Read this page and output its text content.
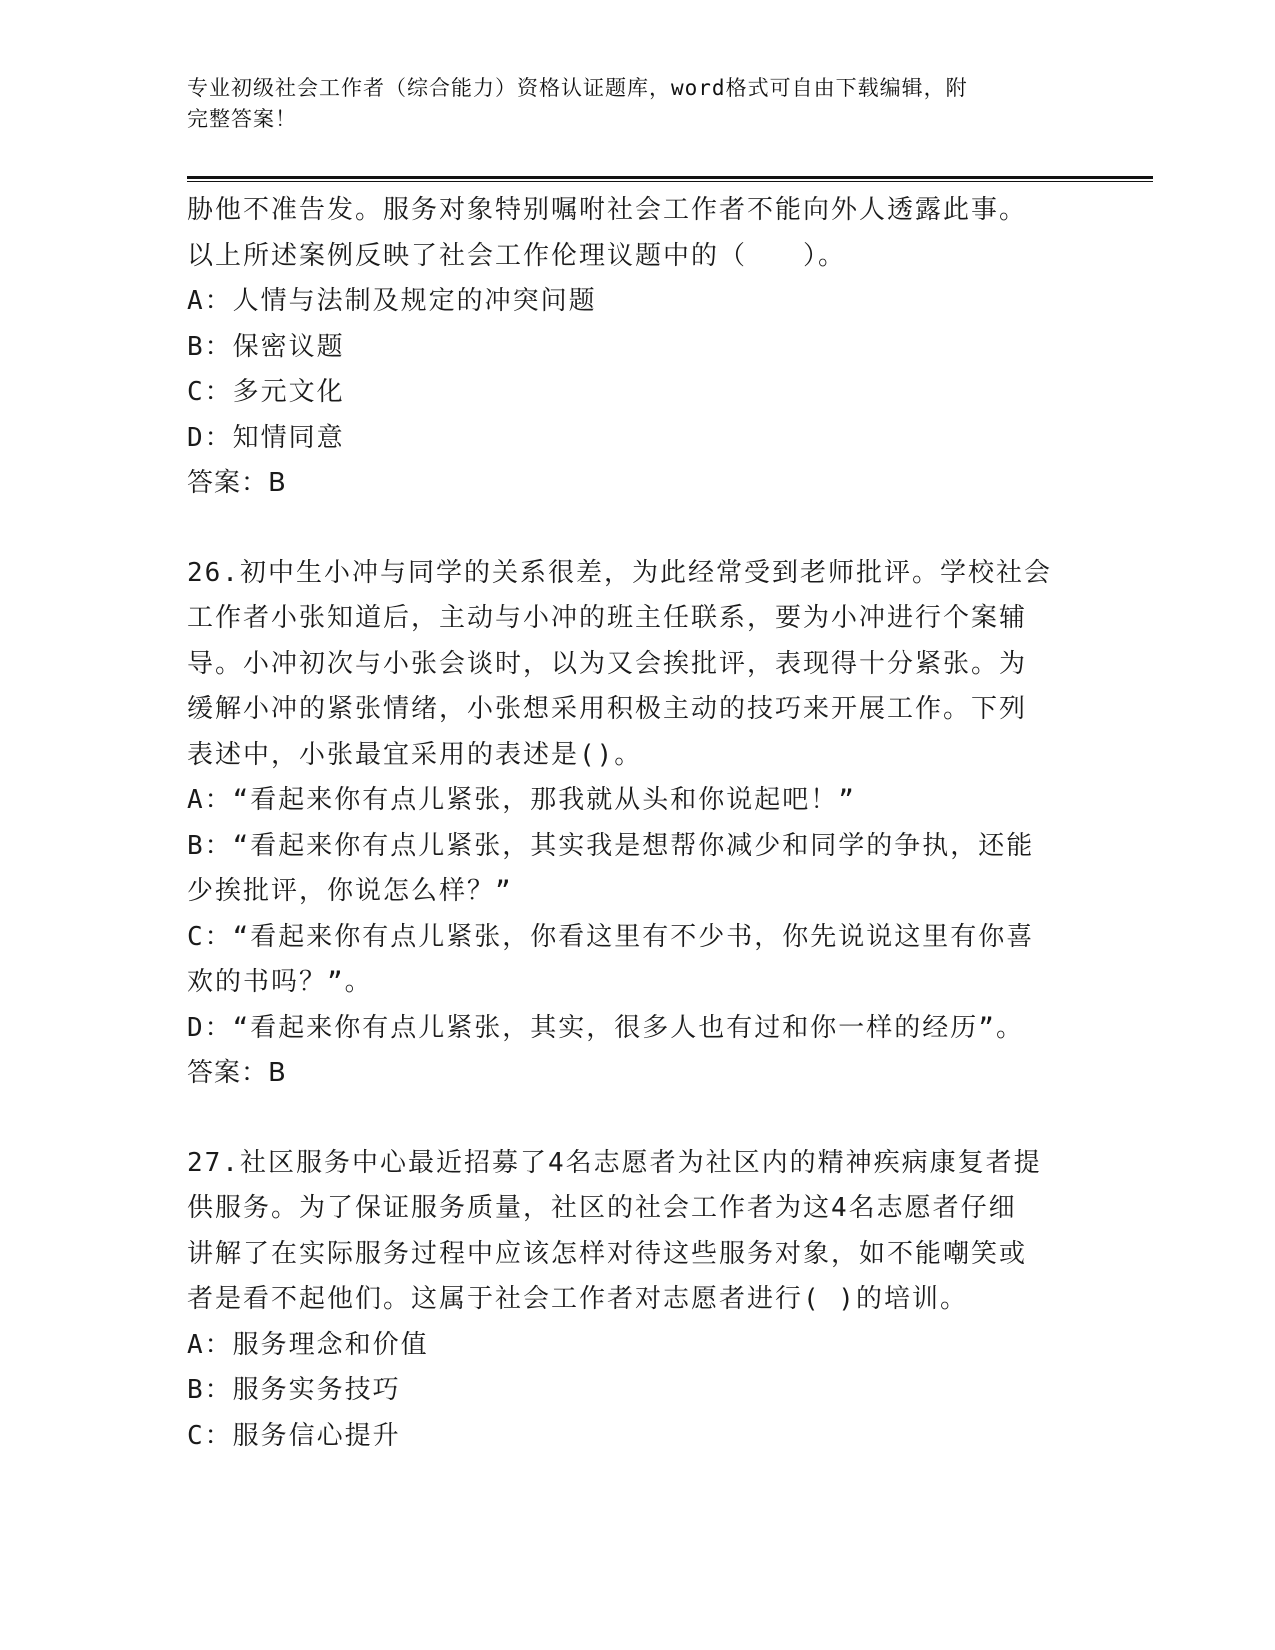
专业初级社会工作者（综合能力）资格认证题库，word格式可自由下载编辑，附
完整答案！

胁他不准告发。服务对象特别嘱咐社会工作者不能向外人透露此事。

以上所述案例反映了社会工作伦理议题中的（　　）。

A：人情与法制及规定的冲突问题

B：保密议题

C：多元文化

D：知情同意

答案：B

26.初中生小冲与同学的关系很差，为此经常受到老师批评。学校社会

工作者小张知道后，主动与小冲的班主任联系，要为小冲进行个案辅

导。小冲初次与小张会谈时，以为又会挨批评，表现得十分紧张。为

缓解小冲的紧张情绪，小张想采用积极主动的技巧来开展工作。下列

表述中，小张最宜采用的表述是()。

A：“看起来你有点儿紧张，那我就从头和你说起吧！”

B：“看起来你有点儿紧张，其实我是想帮你减少和同学的争执，还能

少挨批评，你说怎么样？”

C：“看起来你有点儿紧张，你看这里有不少书，你先说说这里有你喜

欢的书吗？”。

D：“看起来你有点儿紧张，其实，很多人也有过和你一样的经历”。

答案：B

27.社区服务中心最近招募了4名志愿者为社区内的精神疾病康复者提

供服务。为了保证服务质量，社区的社会工作者为这4名志愿者仔细

讲解了在实际服务过程中应该怎样对待这些服务对象，如不能嘲笑或

者是看不起他们。这属于社会工作者对志愿者进行( )的培训。

A：服务理念和价值

B：服务实务技巧

C：服务信心提升
